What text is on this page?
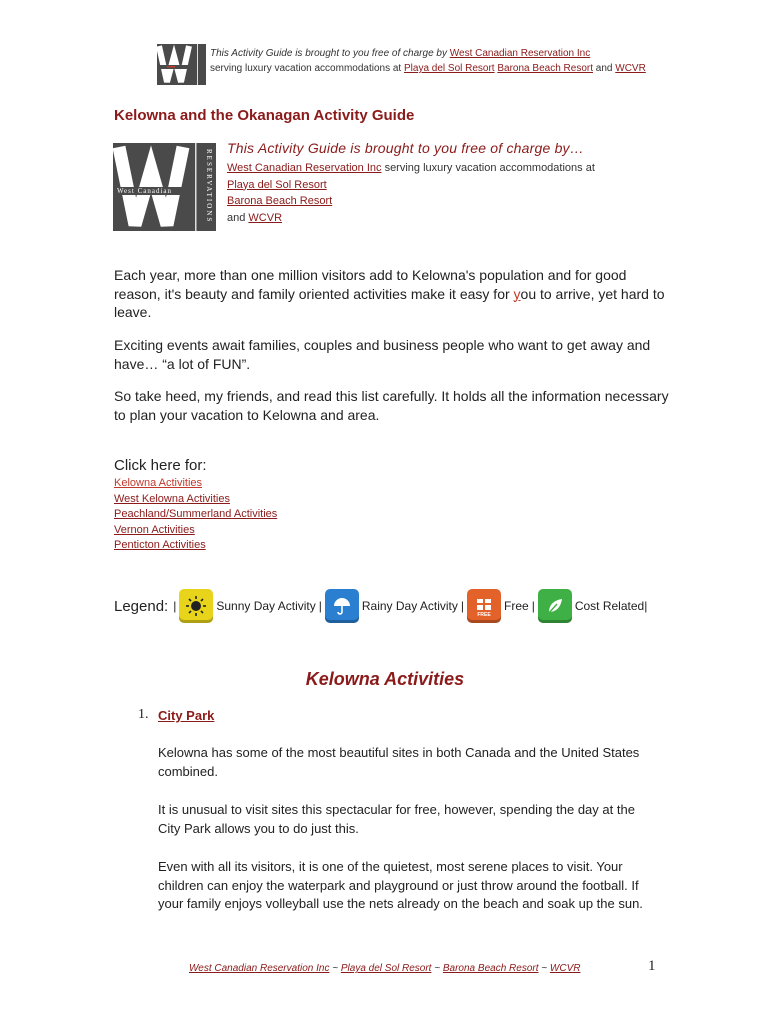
This Activity Guide is brought to you free of charge by West Canadian Reservation Inc
serving luxury vacation accommodations at Playa del Sol Resort Barona Beach Resort and WCVR
Kelowna and the Okanagan Activity Guide
West Canadian	RESERVATIONS
This Activity Guide is brought to you free of charge by…
West Canadian Reservation Inc serving luxury vacation accommodations at
Playa del Sol Resort
Barona Beach Resort
and WCVR
Each year, more than one million visitors add to Kelowna's population and for good reason, it's beauty and family oriented activities make it easy for you to arrive, yet hard to leave.
Exciting events await families, couples and business people who want to get away and have… “a lot of FUN”.
So take heed, my friends, and read this list carefully. It holds all the information necessary to plan your vacation to Kelowna and area.
Click here for:
Kelowna Activities
West Kelowna Activities
Peachland/Summerland Activities
Vernon Activities
Penticton Activities
Legend: |	Sunny Day Activity |	Rainy Day Activity |
FREE
Free |	Cost Related|
Kelowna Activities
1. City Park
Kelowna has some of the most beautiful sites in both Canada and the United States combined.
It is unusual to visit sites this spectacular for free, however, spending the day at the City Park allows you to do just this.
Even with all its visitors, it is one of the quietest, most serene places to visit. Your children can enjoy the waterpark and playground or just throw around the football. If your family enjoys volleyball use the nets already on the beach and soak up the sun.
West Canadian Reservation Inc ~ Playa del Sol Resort ~ Barona Beach Resort ~ WCVR	1
